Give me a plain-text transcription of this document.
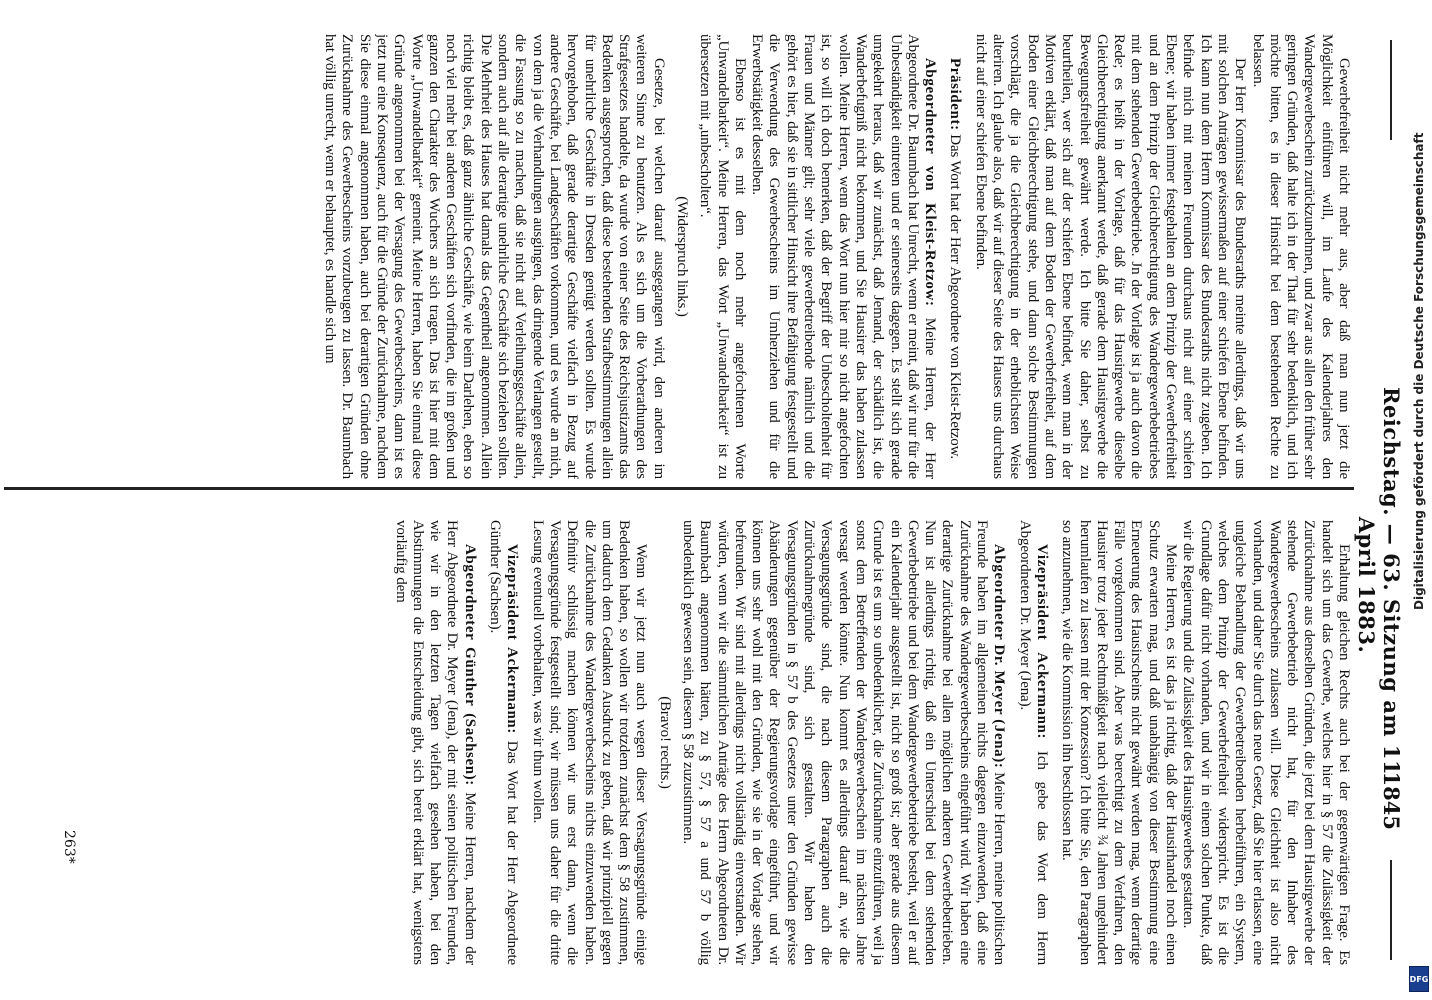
Reichstag. — 63. Sitzung am 11. April 1883.
1845

Gewerbefreiheit nicht mehr aus, aber daß man nun jetzt die Möglichkeit einführen will, im Laufe des Kalenderjahres den Wandergewerbeschein zurückzunehmen, und zwar aus allen den früher sehr geringen Gründen, daß halte ich in der That für sehr bedenklich, und ich möchte bitten, es in dieser Hinsicht bei dem bestehenden Rechte zu belassen.

Der Herr Kommissar des Bundesraths meinte allerdings, daß wir uns mit solchen Anträgen gewissermaßen auf einer schiefen Ebene befinden. Ich kann nun dem Herrn Kommissar des Bundesraths nicht zugeben. Ich befinde mich mit meinen Freunden durchaus nicht auf einer schiefen Ebene; wir haben immer festgehalten an dem Prinzip der Gewerbefreiheit und an dem Prinzip der Gleichberechtigung des Wandergewerbebetriebes mit dem stehenden Gewerbebetriebe. Jn der Vorlage ist ja auch davon die Rede; es heißt in der Vorlage, daß für das Hausirgewerbe dieselbe Gleichberechtigung anerkannt werde, daß gerade dem Hausirgewerbe die Bewegungsfreiheit gewährt werde. Ich bitte Sie daher, selbst zu beurtheilen, wer sich auf der schiefen Ebene befindet, wenn man in der Motiven erklärt, daß man auf dem Boden der Gewerbefreiheit, auf dem Boden einer Gleichberechtigung stehe, und dann solche Bestimmungen vorschlägt, die ja die Gleichberechtigung in der erheblichsten Weise alteriren. Ich glaube also, daß wir auf dieser Seite des Hauses uns durchaus nicht auf einer schiefen Ebene befinden.

Präsident: Das Wort hat der Herr Abgeordnete von Kleist-Retzow.

Abgeordneter von Kleist-Retzow: Meine Herren, der Herr Abgeordnete Dr. Baumbach hat Unrecht, wenn er meint, daß wir nur für die Unbeständigkeit eintreten und er seinerseits dagegen. Es stellt sich gerade umgekehrt heraus, daß wir zunächst, daß Jemand, der schädlich ist, die Wanderbefugniß nicht bekommen, und Sie Hausirer das haben zulassen wollen. Meine Herren, wenn das Wort nun hier mir so nicht angefochten ist, so will ich doch bemerken, daß der Begriff der Unbescholtenheit für Frauen und Männer gilt; sehr viele gewerbetreibende nämlich und die gehört es hier, daß sie in sittlicher Hinsicht ihre Befähigung festgestellt und die Verwendung des Gewerbescheins im Umherziehen und für die Erwerbstätigkeit desselben.

Ebenso ist es mit dem noch mehr angefochtenen Worte „Unwandelbarkeit“. Meine Herren, das Wort „Unwandelbarkeit“ ist zu übersetzen mit „unbescholten“.

(Widerspruch links.)

Gesetze, bei welchen darauf ausgegangen wird, den anderen im weiteren Sinne zu benutzen. Als es sich um die Vorberathungen des Strafgesetzes handelte, da wurde von einer Seite des Reichsjustizamts das Bedenken ausgesprochen, daß diese bestehenden Strafbestimmungen allein für unehrliche Geschäfte in Dresden genügt werden sollten. Es wurde hervorgehoben, daß gerade derartige Geschäfte vielfach in Bezug auf andere Geschäfte, bei Landgeschäften vorkommen, und es wurde an mich, von dem ja die Verhandlungen ausgingen, das dringende Verlangen gestellt, die Fassung so zu machen, daß sie nicht auf Verleihungsgeschäfte allein, sondern auch auf alle derartige unehrliche Geschäfte sich beziehen sollten. Die Mehrheit des Hauses hat damals das Gegentheil angenommen. Allein richtig bleibt es, daß ganz ähnliche Geschäfte, wie beim Darlehen, eben so noch viel mehr bei anderen Geschäften sich vorfinden, die im großen und ganzen den Charakter des Wuchers an sich tragen. Das ist hier mit dem Worte „Unwandelbarkeit“ gemeint. Meine Herren, haben Sie einmal diese Gründe angenommen bei der Versagung des Gewerbescheins, dann ist es jetzt nur eine Konsequenz, auch für die Gründe der Zurücknahme, nachdem Sie diese einmal angenommen haben, auch bei derartigen Gründen ohne Zurücknahme des Gewerbescheins vorzubeugen zu lassen. Dr. Baumbach hat völlig unrecht, wenn er behauptet, es handle sich um

Erhaltung gleichen Rechts auch bei der gegenwärtigen Frage. Es handelt sich um das Gewerbe, welches hier in § 57 die Zulässigkeit der Zurücknahme aus denselben Gründen, die jetzt bei dem Hausirgewerbe der stehende Gewerbebetrieb nicht hat, für den Inhaber des Wandergewerbescheins zulassen will. Diese Gleichheit ist also nicht vorhanden, und daher Sie durch das neue Gesetz, daß Sie hier erlassen, eine ungleiche Behandlung der Gewerbetreibenden herbeiführen, ein System, welches dem Prinzip der Gewerbefreiheit widerspricht. Es ist die Grundlage dafür nicht vorhanden, und wir in einem solchen Punkte, daß wir die Regierung und die Zulässigkeit des Hausirgewerbes gestatten.

Meine Herren, es ist das ja richtig, daß der Hausirhandel noch einen Schutz erwarten mag, und daß unabhängig von dieser Bestimmung eine Erneuerung des Hausirscheins nicht gewährt werden mag, wenn derartige Fälle vorgekommen sind. Aber was berechtigt zu dem Verfahren, den Hausirer trotz jeder Rechtmäßigkeit nach vielleicht ¾ Jahren ungehindert herumlaufen zu lassen mit der Konzession? Ich bitte Sie, den Paragraphen so anzunehmen, wie die Kommission ihn beschlossen hat.

Vizepräsident Ackermann: Ich gebe das Wort dem Herrn Abgeordneten Dr. Meyer (Jena).

Abgeordneter Dr. Meyer (Jena): Meine Herren, meine politischen Freunde haben im allgemeinen nichts dagegen einzuwenden, daß eine Zurücknahme des Wandergewerbescheins eingeführt wird. Wir haben eine derartige Zurücknahme bei allen möglichen anderen Gewerbebetrieben. Nun ist allerdings richtig, daß ein Unterschied bei dem stehenden Gewerbebetriebe und bei dem Wandergewerbebetriebe besteht, weil er auf ein Kalenderjahr ausgestellt ist, nicht so groß ist; aber gerade aus diesem Grunde ist es um so unbedenklicher, die Zurücknahme einzuführen, weil ja sonst dem Betreffenden der Wandergewerbeschein im nächsten Jahre versagt werden könnte. Nun kommt es allerdings darauf an, wie die Versagungsgründe sind, die nach diesem Paragraphen auch die Zurücknahmegründe sind, sich gestalten. Wir haben den Versagungsgründen in § 57 b des Gesetzes unter den Gründen gewisse Abänderungen gegenüber der Regierungsvorlage eingeführt, und wir können uns sehr wohl mit den Gründen, wie sie in der Vorlage stehen, befreunden. Wir sind mit allerdings nicht vollständig einverstanden. Wir würden, wenn wir die sämmtlichen Anträge des Herrn Abgeordneten Dr. Baumbach angenommen hätten, zu § 57, § 57 a und 57 b völlig unbedenklich gewesen sein, diesem § 58 zuzustimmen.

(Bravo! rechts.)

Wenn wir jetzt nun auch wegen dieser Versagungsgründe einige Bedenken haben, so wollen wir trotzdem zunächst dem § 58 zustimmen, um dadurch dem Gedanken Ausdruck zu geben, daß wir prinzipiell gegen die Zurücknahme des Wandergewerbescheins nichts einzuwenden haben. Definitiv schlüssig machen können wir uns erst dann, wenn die Versagungsgründe festgestellt sind; wir müssen uns daher für die dritte Lesung eventuell vorbehalten, was wir thun wollen.

Vizepräsident Ackermann: Das Wort hat der Herr Abgeordnete Günther (Sachsen).

Abgeordneter Günther (Sachsen): Meine Herren, nachdem der Herr Abgeordnete Dr. Meyer (Jena), der mit seinen politischen Freunden, wie wir in den letzten Tagen vielfach gesehen haben, bei den Abstimmungen die Entscheidung gibt, sich bereit erklärt hat, wenigstens vorläufig dem

263*
Digitalisierung gefördert durch die Deutsche Forschungsgemeinschaft
DFG
